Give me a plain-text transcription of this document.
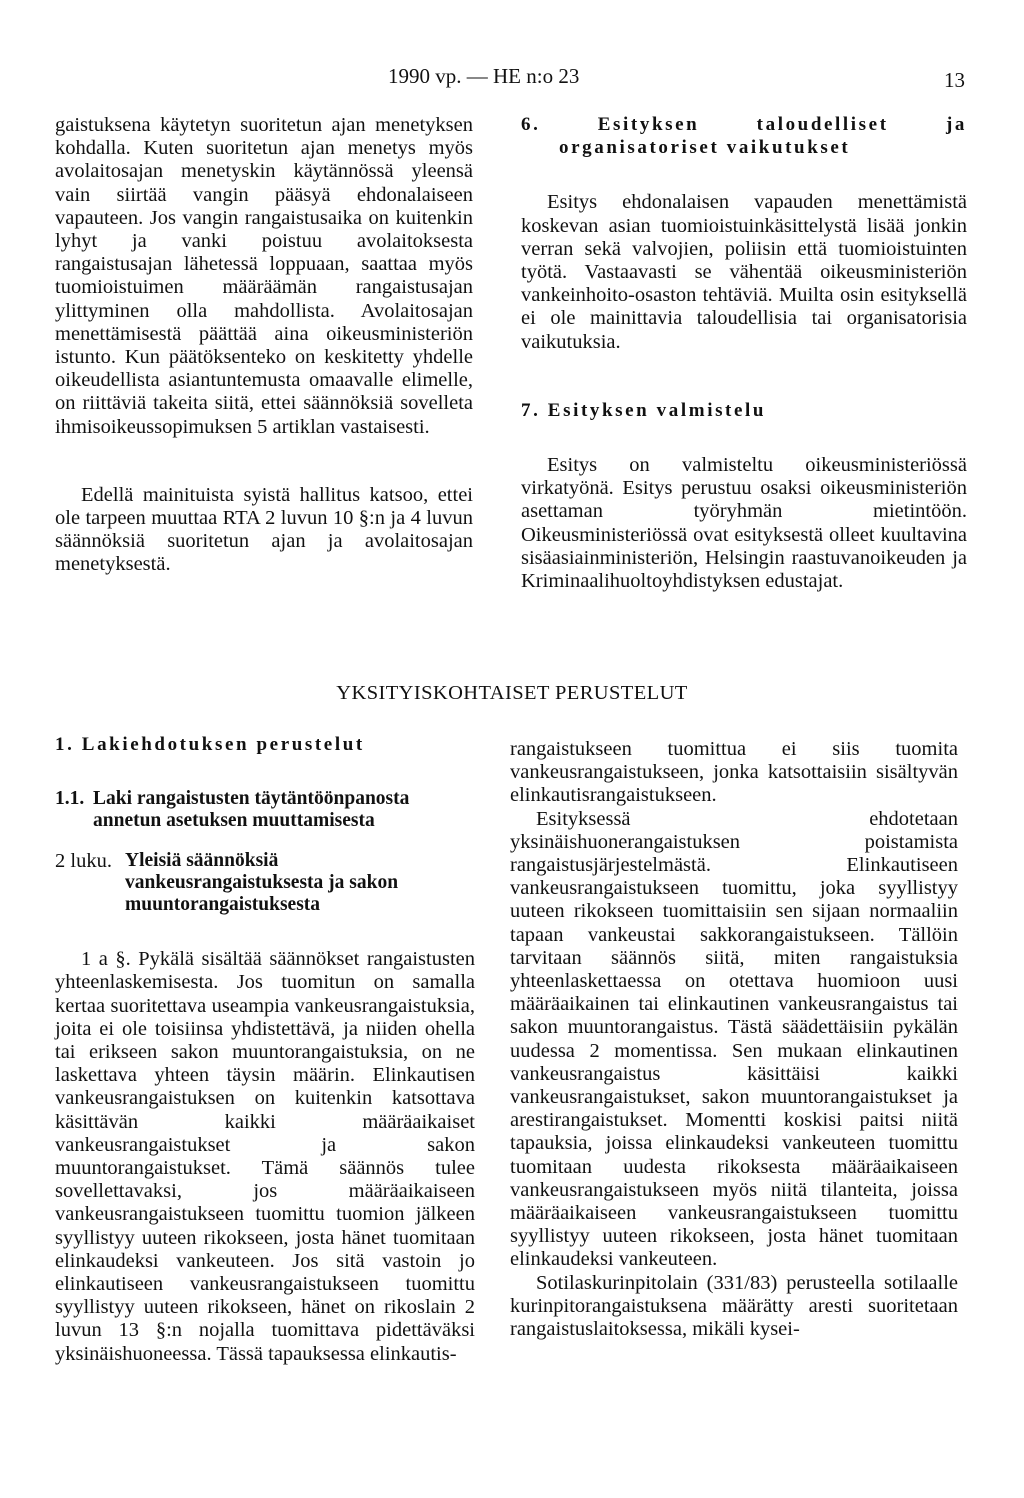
1990 vp. — HE n:o 23	13

gaistuksena käytetyn suoritetun ajan menetyksen kohdalla. Kuten suoritetun ajan menetys myös avolaitosajan menetyskin käytännössä yleensä vain siirtää vangin pääsyä ehdonalaiseen vapauteen. Jos vangin rangaistusaika on kuitenkin lyhyt ja vanki poistuu avolaitoksesta rangaistusajan lähetessä loppuaan, saattaa myös tuomioistuimen määräämän rangaistusajan ylittyminen olla mahdollista. Avolaitosajan menettämisestä päättää aina oikeusministeriön istunto. Kun päätöksenteko on keskitetty yhdelle oikeudellista asiantuntemusta omaavalle elimelle, on riittäviä takeita siitä, ettei säännöksiä sovelleta ihmisoikeussopimuksen 5 artiklan vastaisesti.

Edellä mainituista syistä hallitus katsoo, ettei ole tarpeen muuttaa RTA 2 luvun 10 §:n ja 4 luvun säännöksiä suoritetun ajan ja avolaitosajan menetyksestä.

6. Esityksen taloudelliset ja organisatoriset vaikutukset

Esitys ehdonalaisen vapauden menettämistä koskevan asian tuomioistuinkäsittelystä lisää jonkin verran sekä valvojien, poliisin että tuomioistuinten työtä. Vastaavasti se vähentää oikeusministeriön vankeinhoito-osaston tehtäviä. Muilta osin esityksellä ei ole mainittavia taloudellisia tai organisatorisia vaikutuksia.

7. Esityksen valmistelu

Esitys on valmisteltu oikeusministeriössä virkatyönä. Esitys perustuu osaksi oikeusministeriön asettaman työryhmän mietintöön. Oikeusministeriössä ovat esityksestä olleet kuultavina sisäasiainministeriön, Helsingin raastuvanoikeuden ja Kriminaalihuoltoyhdistyksen edustajat.

YKSITYISKOHTAISET PERUSTELUT

1. Lakiehdotuksen perustelut

1.1. Laki rangaistusten täytäntöönpanosta annetun asetuksen muuttamisesta
2 luku. Yleisiä säännöksiä vankeusrangaistuksesta ja sakon muuntorangaistuksesta

1 a §. Pykälä sisältää säännökset rangaistusten yhteenlaskemisesta. Jos tuomitun on samalla kertaa suoritettava useampia vankeusrangaistuksia, joita ei ole toisiinsa yhdistettävä, ja niiden ohella tai erikseen sakon muuntorangaistuksia, on ne laskettava yhteen täysin määrin. Elinkautisen vankeusrangaistuksen on kuitenkin katsottava käsittävän kaikki määräaikaiset vankeusrangaistukset ja sakon muuntorangaistukset. Tämä säännös tulee sovellettavaksi, jos määräaikaiseen vankeusrangaistukseen tuomittu tuomion jälkeen syyllistyy uuteen rikokseen, josta hänet tuomitaan elinkaudeksi vankeuteen. Jos sitä vastoin jo elinkautiseen vankeusrangaistukseen tuomittu syyllistyy uuteen rikokseen, hänet on rikoslain 2 luvun 13 §:n nojalla tuomittava pidettäväksi yksinäishuoneessa. Tässä tapauksessa elinkautis-

rangaistukseen tuomittua ei siis tuomita vankeusrangaistukseen, jonka katsottaisiin sisältyvän elinkautisrangaistukseen.

Esityksessä ehdotetaan yksinäishuonerangaistuksen poistamista rangaistusjärjestelmästä. Elinkautiseen vankeusrangaistukseen tuomittu, joka syyllistyy uuteen rikokseen tuomittaisiin sen sijaan normaaliin tapaan vankeustai sakkorangaistukseen. Tällöin tarvitaan säännös siitä, miten rangaistuksia yhteenlaskettaessa on otettava huomioon uusi määräaikainen tai elinkautinen vankeusrangaistus tai sakon muuntorangaistus. Tästä säädettäisiin pykälän uudessa 2 momentissa. Sen mukaan elinkautinen vankeusrangaistus käsittäisi kaikki vankeusrangaistukset, sakon muuntorangaistukset ja arestirangaistukset. Momentti koskisi paitsi niitä tapauksia, joissa elinkaudeksi vankeuteen tuomittu tuomitaan uudesta rikoksesta määräaikaiseen vankeusrangaistukseen myös niitä tilanteita, joissa määräaikaiseen vankeusrangaistukseen tuomittu syyllistyy uuteen rikokseen, josta hänet tuomitaan elinkaudeksi vankeuteen.

Sotilaskurinpitolain (331/83) perusteella sotilaalle kurinpitorangaistuksena määrätty aresti suoritetaan rangaistuslaitoksessa, mikäli kysei-
